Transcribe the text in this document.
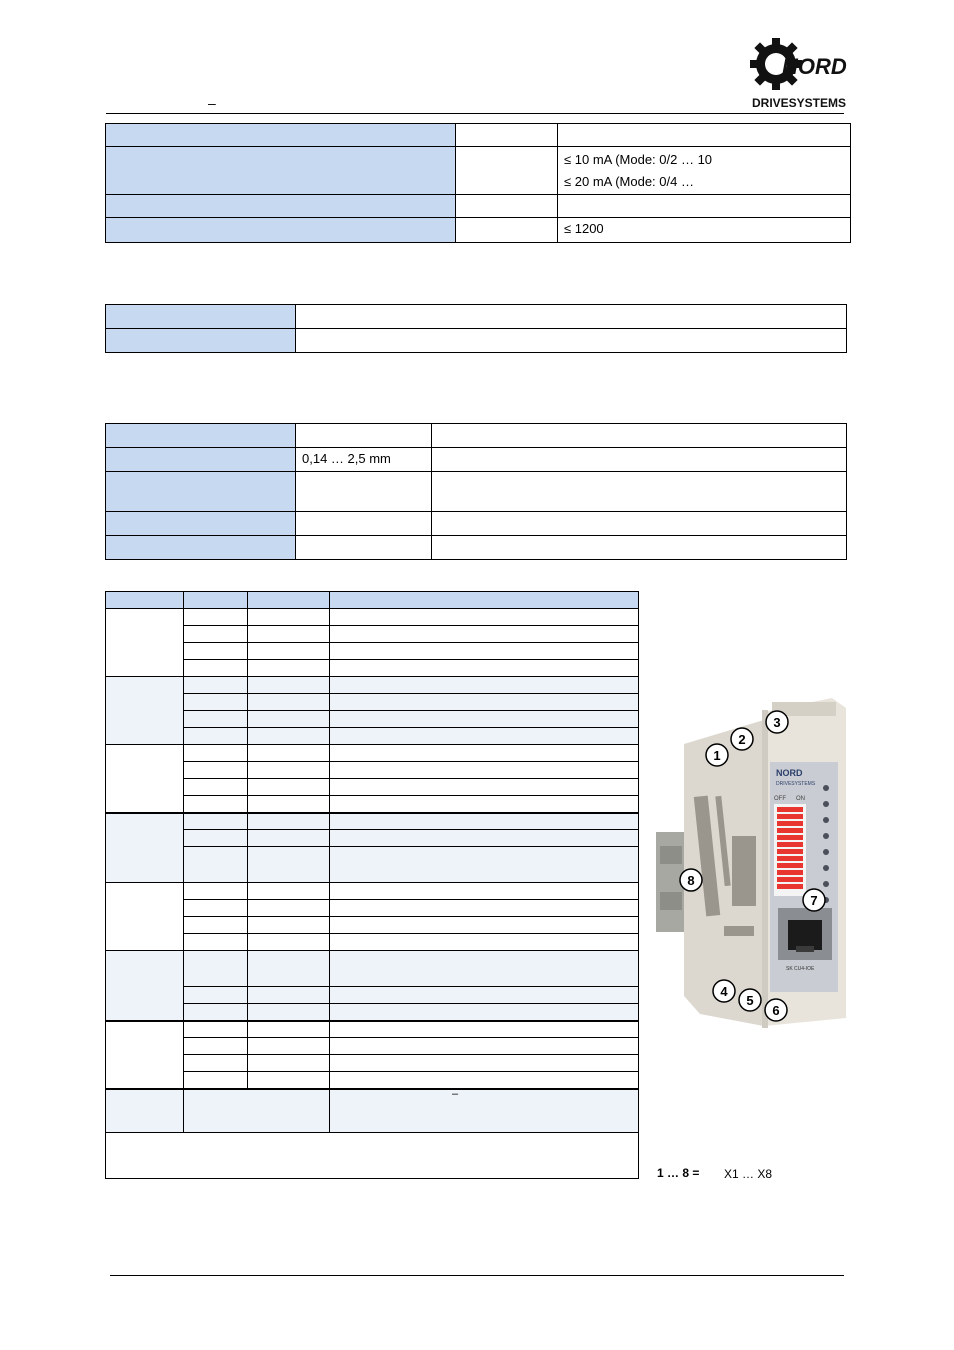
–
NORD
DRIVESYSTEMS

		≤ 10 mA (Mode: 0/2 … 10
≤ 20 mA (Mode: 0/4 …

		≤ 1200

	0,14 … 2,5 mm	

–
NORD
DRIVESYSTEMS
OFF ON
SK CU4-IOE
1
2
3
4
5
6
7
8
1 … 8 = X1 … X8
